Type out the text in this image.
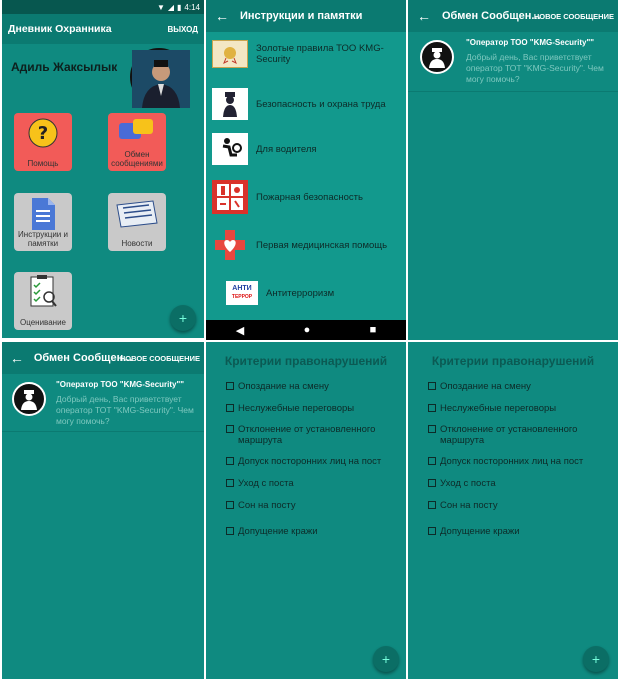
▼ ◢ ▮ 4:14
Дневник Охранника	ВЫХОД
Адиль Жаксылык
?
Помощь
Обмен сообщениями
Инструкции и памятки	Новости
Оценивание	+
←	Инструкции и памятки
Золотые правила ТОО KMG-Security
Безопасность и охрана труда
Для водителя
Пожарная безопасность
Первая медицинская помощь
АНТИ
ТЕРРОР Антитерроризм
◀	●	■
←	Обмен Сообщен...
НОВОЕ СООБЩЕНИЕ
"Оператор ТОО "KMG-Security""
Добрый день, Вас приветствует оператор ТОТ "KMG-Security". Чем могу помочь?
← Обмен Сообщен...
НОВОЕ СООБЩЕНИЕ
"Оператор ТОО "KMG-Security""
Добрый день, Вас приветствует оператор ТОТ "KMG-Security". Чем могу помочь?
Критерии правонарушений
Опоздание на смену
Неслужебные переговоры
Отклонение от установленного маршрута
Допуск посторонних лиц на пост
Уход с поста
Сон на посту
Допущение кражи
+
Критерии правонарушений
Опоздание на смену
Неслужебные переговоры
Отклонение от установленного маршрута
Допуск посторонних лиц на пост
Уход с поста
Сон на посту
Допущение кражи
+
